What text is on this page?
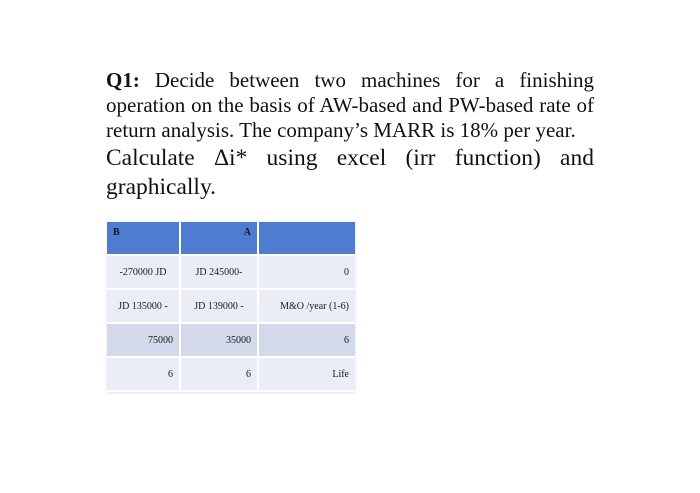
Q1: Decide between two machines for a finishing operation on the basis of AW-based and PW-based rate of return analysis. The company’s MARR is 18% per year.
Calculate Δi* using excel (irr function) and graphically.
B	A	
-270000 JD	JD 245000-	0
JD 135000 -	JD 139000 -	M&O /year (1-6)
75000	35000	6
6	6	Life
